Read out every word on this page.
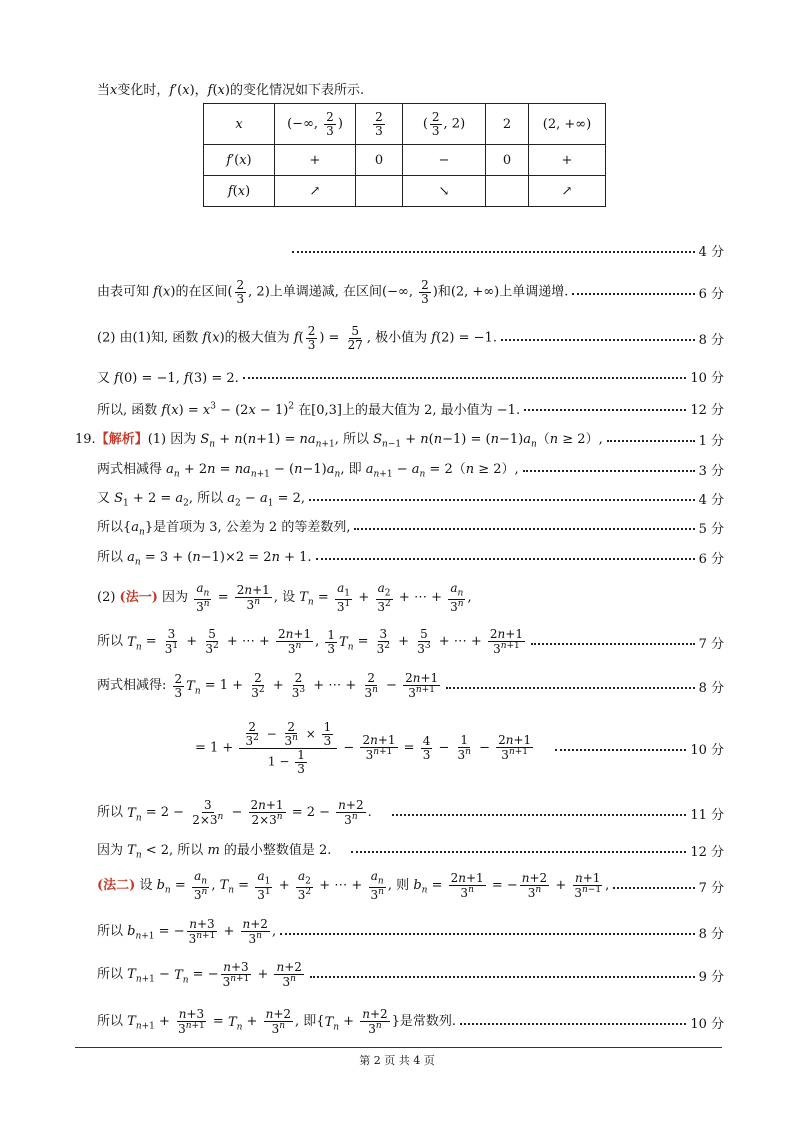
当x变化时，f′(x)，f(x)的变化情况如下表所示.
x	(−∞, $\frac{2}{3}$ )	$\frac{2}{3}$	( $\frac{2}{3}$ , 2)	2	(2, +∞)
f′(x)	+	0	−	0	+
f(x)	↗		↘		↗
4 分
由表可知 f(x)的在区间( $\frac{2}{3}$ , 2)上单调递减, 在区间(−∞, $\frac{2}{3}$ )和(2, +∞)上单调递增.	6 分
(2) 由(1)知, 函数 f(x)的极大值为 $f( \frac{2}{3}$ ) = $\frac{5}{27}$ , 极小值为 f(2) = −1.	8 分
又 f(0) = −1, f(3) = 2.	10 分
所以, 函数 $f(x) = x^3 - (2x - 1)^2$ 在[0,3]上的最大值为 2, 最小值为 −1.	12 分
19.【解析】(1) 因为 $S_n + n(n+1) = na_{n+1}$, 所以 $S_{n-1} + n(n-1) = (n-1)a_n(n \ge 2)$,	1 分
两式相减得 $a_n + 2n = na_{n+1} - (n-1)a_n$, 即 $a_{n+1} - a_n = 2(n \ge 2)$,	3 分
又 $S_1 + 2 = a_2$, 所以 $a_2 - a_1 = 2$,	4 分
所以$\{a_n\}$是首项为 3, 公差为 2 的等差数列,	5 分
所以 $a_n = 3 + (n-1)\times 2 = 2n + 1$.	6 分
(2) (法一) 因为 $\frac{a_n}{3^n} = \frac{2n+1}{3^n}$ , 设 $T_n = \frac{a_1}{3^1} + \frac{a_2}{3^2}$ + ⋯ + $\frac{a_n}{3^n}$ ,
所以 $T_n = \frac{3}{3^1} + \frac{5}{3^2}$ + ⋯ + $\frac{2n+1}{3^n}$ , $\frac{1}{3} T_n = \frac{3}{3^2} + \frac{5}{3^3}$ + ⋯ + $\frac{2n+1}{3^{n+1}}$	7 分
两式相减得: $\frac{2}{3} T_n = 1 + \frac{2}{3^2} + \frac{2}{3^3}$ + ⋯ + $\frac{2}{3^n} - \frac{2n+1}{3^{n+1}}$	8 分
= $1 + \frac{\frac{2}{3^2} - \frac{2}{3^n} \times \frac{1}{3}}{1 - \frac{1}{3}} - \frac{2n+1}{3^{n+1}} = \frac{4}{3} - \frac{1}{3^n} - \frac{2n+1}{3^{n+1}}$	10 分
所以 $T_n = 2 - \frac{3}{2\times 3^n} - \frac{2n+1}{2\times 3^n} = 2 - \frac{n+2}{3^n}$ .	11 分
因为 $T_n < 2$, 所以 m 的最小整数值是 2.	12 分
(法二) 设 $b_n = \frac{a_n}{3^n}$ , $T_n = \frac{a_1}{3^1} + \frac{a_2}{3^2}$ + ⋯ + $\frac{a_n}{3^n}$ , 则 $b_n = \frac{2n+1}{3^n}$ = − $\frac{n+2}{3^n} + \frac{n+1}{3^{n-1}}$ ,	7 分
所以 $b_{n+1}$ = − $\frac{n+3}{3^{n+1}} + \frac{n+2}{3^n}$ ,	8 分
所以 $T_{n+1} - T_n$ = − $\frac{n+3}{3^{n+1}} + \frac{n+2}{3^n}$	9 分
所以 $T_{n+1} + \frac{n+3}{3^{n+1}} = T_n + \frac{n+2}{3^n}$ , 即{$T_n + \frac{n+2}{3^n}$ }是常数列.	10 分
第 2 页 共 4 页
